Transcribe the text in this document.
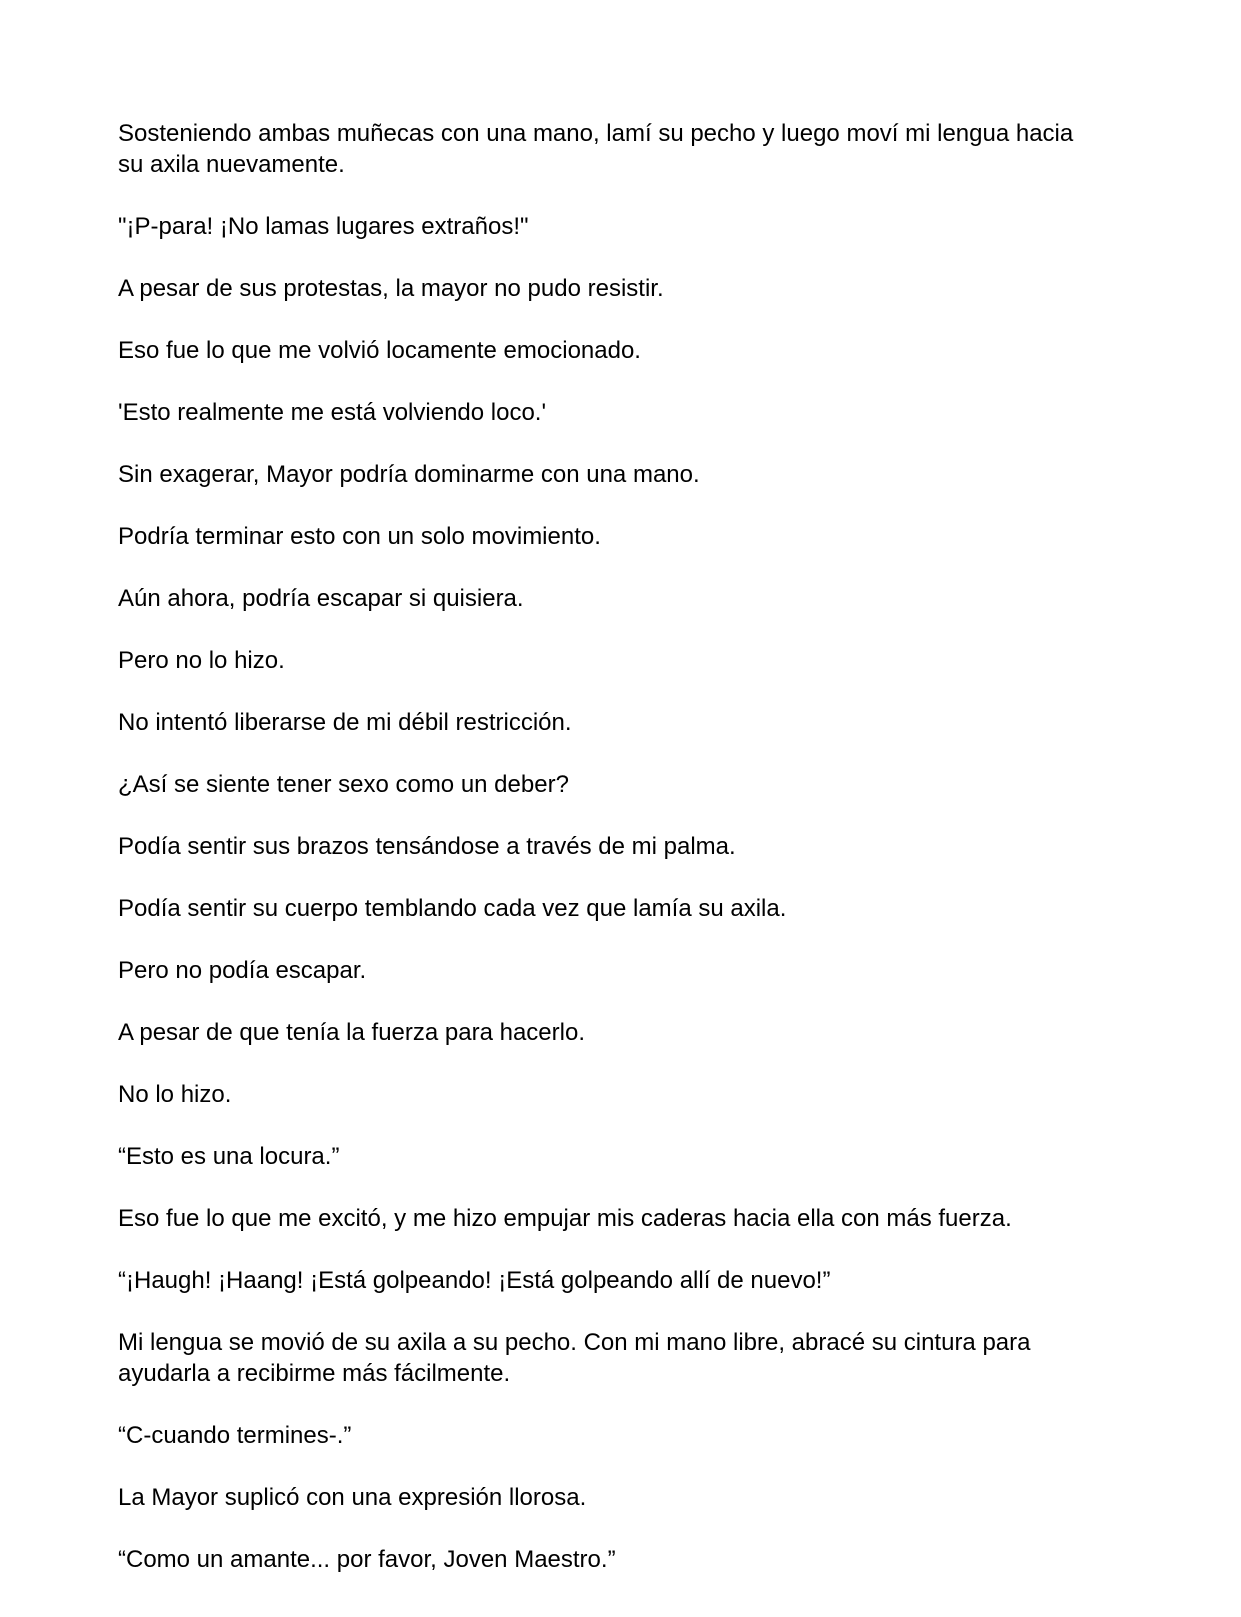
Sosteniendo ambas muñecas con una mano, lamí su pecho y luego moví mi lengua hacia su axila nuevamente.

"¡P-para! ¡No lamas lugares extraños!"

A pesar de sus protestas, la mayor no pudo resistir.

Eso fue lo que me volvió locamente emocionado.

'Esto realmente me está volviendo loco.'

Sin exagerar, Mayor podría dominarme con una mano.

Podría terminar esto con un solo movimiento.

Aún ahora, podría escapar si quisiera.

Pero no lo hizo.

No intentó liberarse de mi débil restricción.

¿Así se siente tener sexo como un deber?

Podía sentir sus brazos tensándose a través de mi palma.

Podía sentir su cuerpo temblando cada vez que lamía su axila.

Pero no podía escapar.

A pesar de que tenía la fuerza para hacerlo.

No lo hizo.

“Esto es una locura.”

Eso fue lo que me excitó, y me hizo empujar mis caderas hacia ella con más fuerza.

“¡Haugh! ¡Haang! ¡Está golpeando! ¡Está golpeando allí de nuevo!”

Mi lengua se movió de su axila a su pecho. Con mi mano libre, abracé su cintura para ayudarla a recibirme más fácilmente.

“C-cuando termines-.”

La Mayor suplicó con una expresión llorosa.

“Como un amante... por favor, Joven Maestro.”
